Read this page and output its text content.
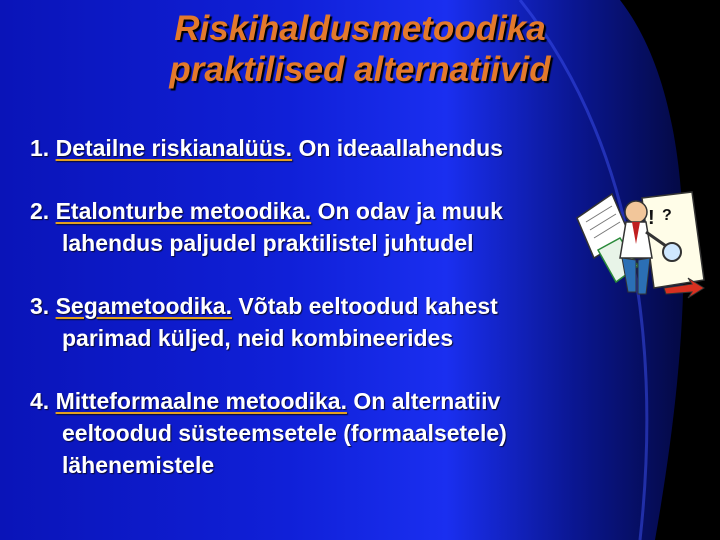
Riskihaldusmetoodika
praktilised alternatiivid
1. Detailne riskianalüüs. On ideaallahendus
2. Etalonturbe metoodika. On odav ja muuk
lahendus paljudel praktilistel juhtudel
3. Segametoodika. Võtab eeltoodud kahest
parimad küljed, neid kombineerides
4. Mitteformaalne metoodika. On alternatiiv
eeltoodud süsteemsetele (formaalsetele)
lähenemistele
! ?
